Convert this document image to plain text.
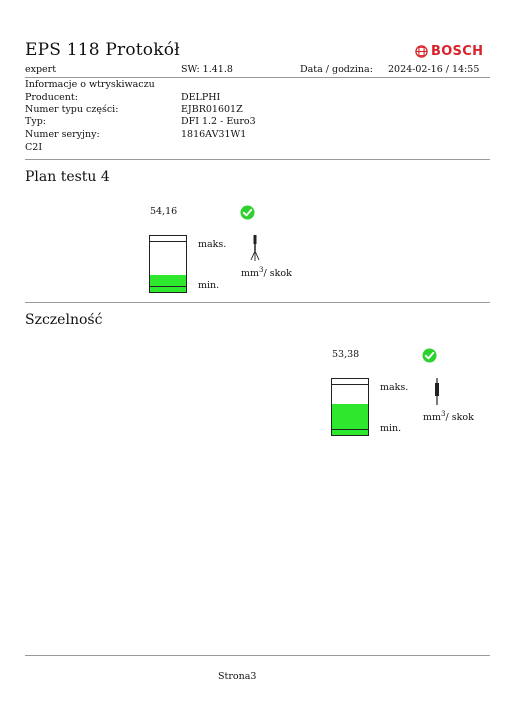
EPS 118 Protokół	BOSCH
expert	SW: 1.41.8	Data / godzina: 2024-02-16 / 14:55
Informacje o wtryskiwaczu
Producent:	DELPHI
Numer typu części:	EJBR01601Z
Typ:	DFI 1.2 - Euro3
Numer seryjny:	1816AV31W1
C2I
Plan testu 4
54,16
maks.
min.
$mm^3/$ skok
Szczelność
53,38
maks.
min.
$mm^3/$ skok
Strona3
